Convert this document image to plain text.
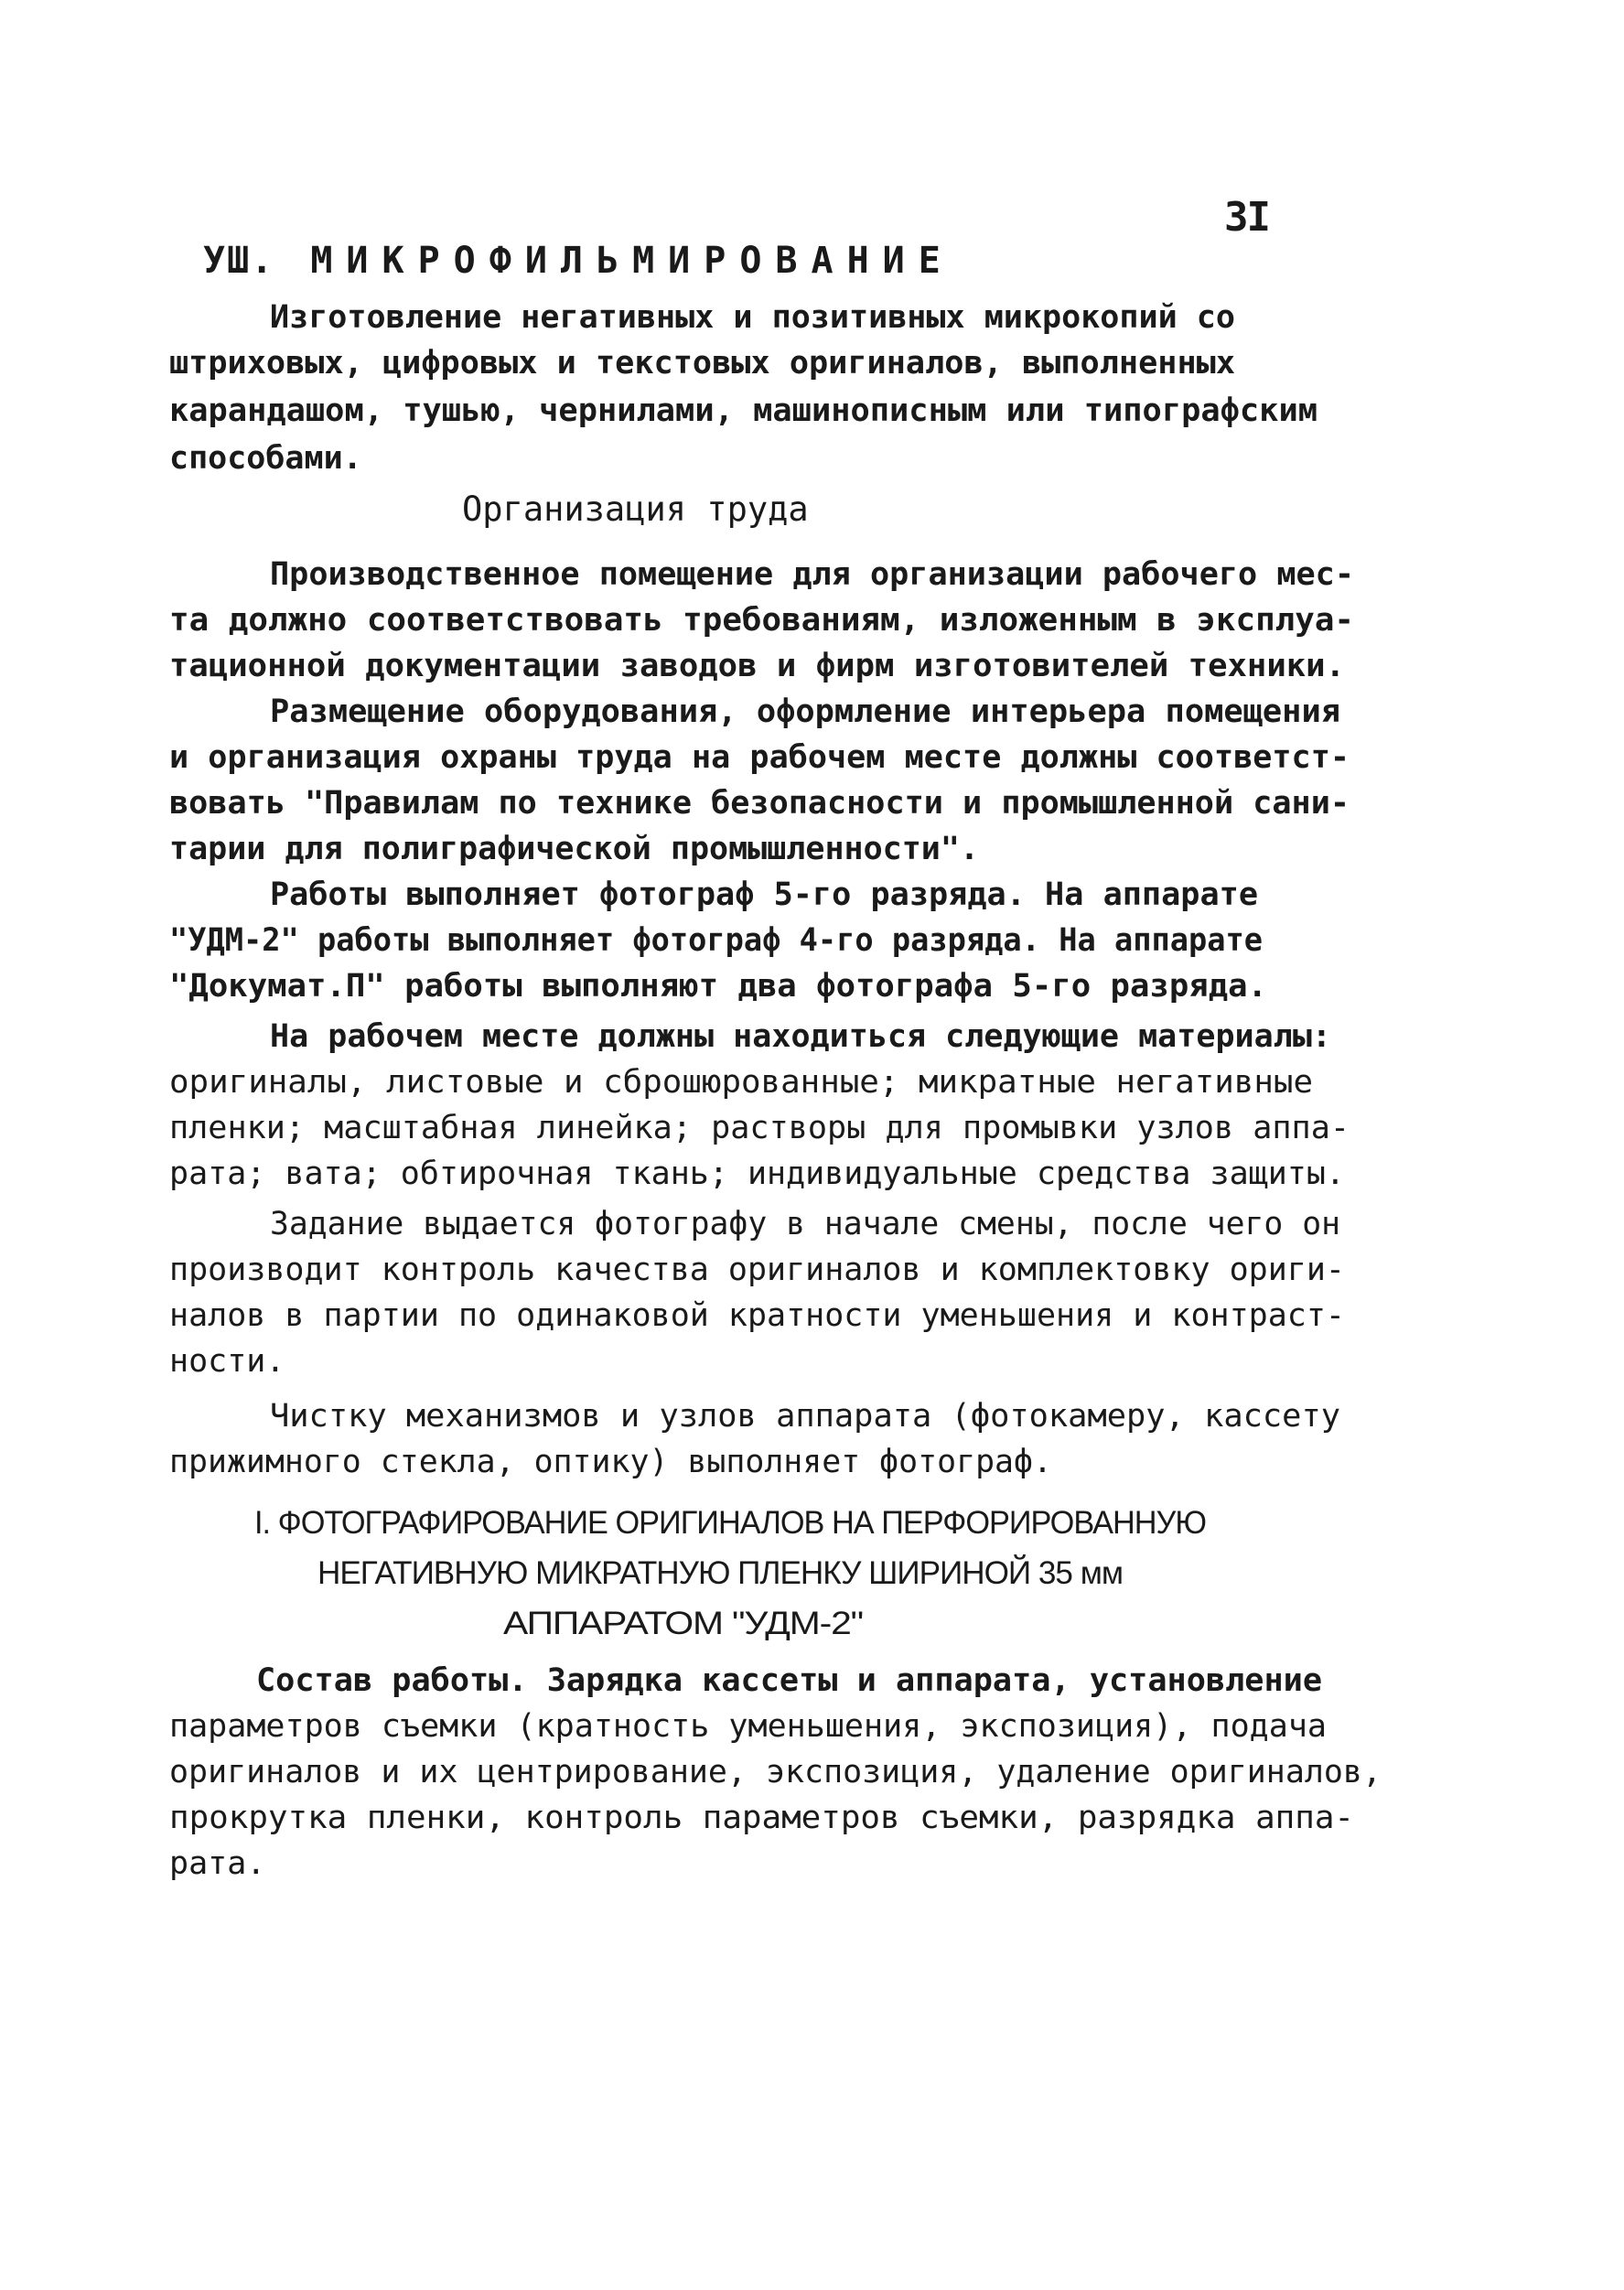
3I
УШ. МИКРОФИЛЬМИРОВАНИЕ
Изготовление негативных и позитивных микрокопий со
штриховых, цифровых и текстовых оригиналов, выполненных
карандашом, тушью, чернилами, машинописным или типографским
способами.
Организация труда
Производственное помещение для организации рабочего мес-
та должно соответствовать требованиям, изложенным в эксплуа-
тационной документации заводов и фирм изготовителей техники.
Размещение оборудования, оформление интерьера помещения
и организация охраны труда на рабочем месте должны соответст-
вовать "Правилам по технике безопасности и промышленной сани-
тарии для полиграфической промышленности".
Работы выполняет фотограф 5-го разряда. На аппарате
"УДМ-2" работы выполняет фотограф 4-го разряда. На аппарате
"Докумат.П" работы выполняют два фотографа 5-го разряда.
На рабочем месте должны находиться следующие материалы:
оригиналы, листовые и сброшюрованные; микратные негативные
пленки; масштабная линейка; растворы для промывки узлов аппа-
рата; вата; обтирочная ткань; индивидуальные средства защиты.
Задание выдается фотографу в начале смены, после чего он
производит контроль качества оригиналов и комплектовку ориги-
налов в партии по одинаковой кратности уменьшения и контраст-
ности.
Чистку механизмов и узлов аппарата (фотокамеру, кассету
прижимного стекла, оптику) выполняет фотограф.
I. ФОТОГРАФИРОВАНИЕ ОРИГИНАЛОВ НА ПЕРФОРИРОВАННУЮ
НЕГАТИВНУЮ МИКРАТНУЮ ПЛЕНКУ ШИРИНОЙ 35 мм
АППАРАТОМ "УДМ-2"
Состав работы. Зарядка кассеты и аппарата, установление
параметров съемки (кратность уменьшения, экспозиция), подача
оригиналов и их центрирование, экспозиция, удаление оригиналов,
прокрутка пленки, контроль параметров съемки, разрядка аппа-
рата.
